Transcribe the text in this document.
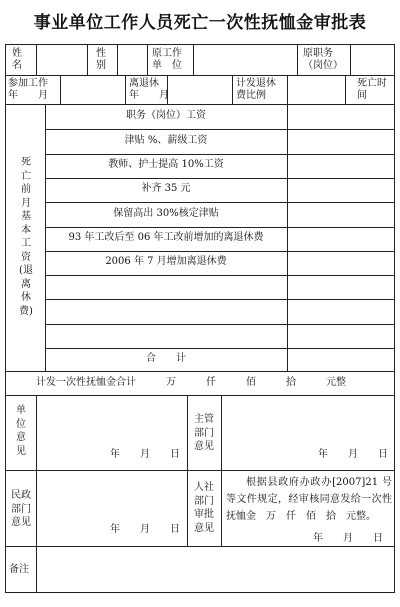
事业单位工作人员死亡一次性抚恤金审批表
姓
名
性
别
原工作
单　位
原职务
（岗位）
参加工作
年　　月
离退休
年　　月
计发退休
费比例
死亡时
间
死
亡
前
月
基
本
工
资
(退
离
休
费)
职务（岗位）工资
津贴 %、薪级工资
教师、护士提高 10%工资
补齐 35 元
保留高出 30%核定津贴
93 年工改后至 06 年工改前增加的离退休费
2006 年 7 月增加离退休费
合　　计
计发一次性抚恤金合计　　　万　　　仟　　　佰　　　拾　　　元整
单
位
意
见	年　　月　　日
主管
部门
意见
年　　月　　日
民政
部门
意见
年　　月　　日
人社
部门
审批
意见
根据县政府办政办[2007]21 号等文件规定，经审核同意发给一次性抚恤金　万　仟　佰　拾　元整。
年　　月　　日
备注
